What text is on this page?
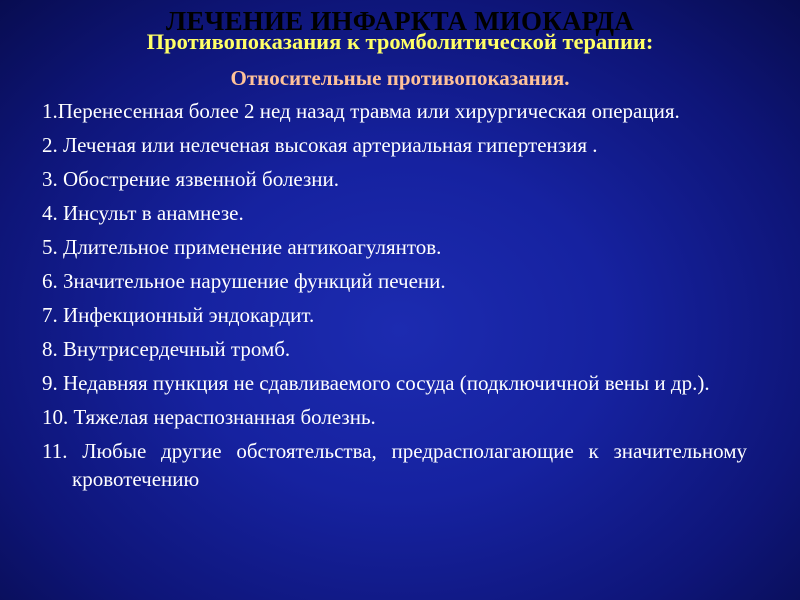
ЛЕЧЕНИЕ ИНФАРКТА МИОКАРДА
Противопоказания к тромболитической терапии:
Относительные противопоказания.
1.Перенесенная более 2 нед назад травма или хирургическая операция.
2. Леченая или нелеченая высокая артериальная гипертензия .
3. Обострение язвенной болезни.
4. Инсульт в анамнезе.
5. Длительное применение антикоагулянтов.
6. Значительное нарушение функций печени.
7. Инфекционный эндокардит.
8. Внутрисердечный тромб.
9. Недавняя пункция не сдавливаемого сосуда (подключичной вены и др.).
10. Тяжелая нераспознанная болезнь.
11. Любые другие обстоятельства, предрасполагающие к значительному кровотечению
